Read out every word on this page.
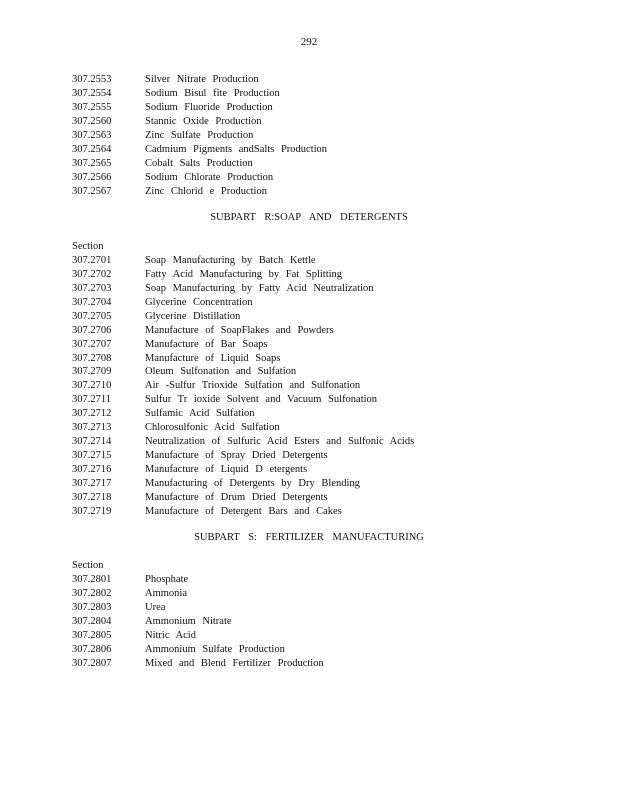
292
307.2553	Silver Nitrate Production
307.2554	Sodium Bisul fite Production
307.2555	Sodium Fluoride Production
307.2560	Stannic Oxide Production
307.2563	Zinc Sulfate Production
307.2564	Cadmium Pigments andSalts Production
307.2565	Cobalt Salts Production
307.2566	Sodium Chlorate Production
307.2567	Zinc Chlorid e Production
SUBPART R:SOAP AND DETERGENTS
Section
307.2701	Soap Manufacturing by Batch Kettle
307.2702	Fatty Acid Manufacturing by Fat Splitting
307.2703	Soap Manufacturing by Fatty Acid Neutralization
307.2704	Glycerine Concentration
307.2705	Glycerine Distillation
307.2706	Manufacture of SoapFlakes and Powders
307.2707	Manufacture of Bar Soaps
307.2708	Manufacture of Liquid Soaps
307.2709	Oleum Sulfonation and Sulfation
307.2710	Air -Sulfur Trioxide Sulfation and Sulfonation
307.2711	Sulfur Tr ioxide Solvent and Vacuum Sulfonation
307.2712	Sulfamic Acid Sulfation
307.2713	Chlorosulfonic Acid Sulfation
307.2714	Neutralization of Sulfuric Acid Esters and Sulfonic Acids
307.2715	Manufacture of Spray Dried Detergents
307.2716	Manufacture of Liquid D etergents
307.2717	Manufacturing of Detergents by Dry Blending
307.2718	Manufacture of Drum Dried Detergents
307.2719	Manufacture of Detergent Bars and Cakes
SUBPART S: FERTILIZER MANUFACTURING
Section
307.2801	Phosphate
307.2802	Ammonia
307.2803	Urea
307.2804	Ammonium Nitrate
307.2805	Nitric Acid
307.2806	Ammonium Sulfate Production
307.2807	Mixed and Blend Fertilizer Production
